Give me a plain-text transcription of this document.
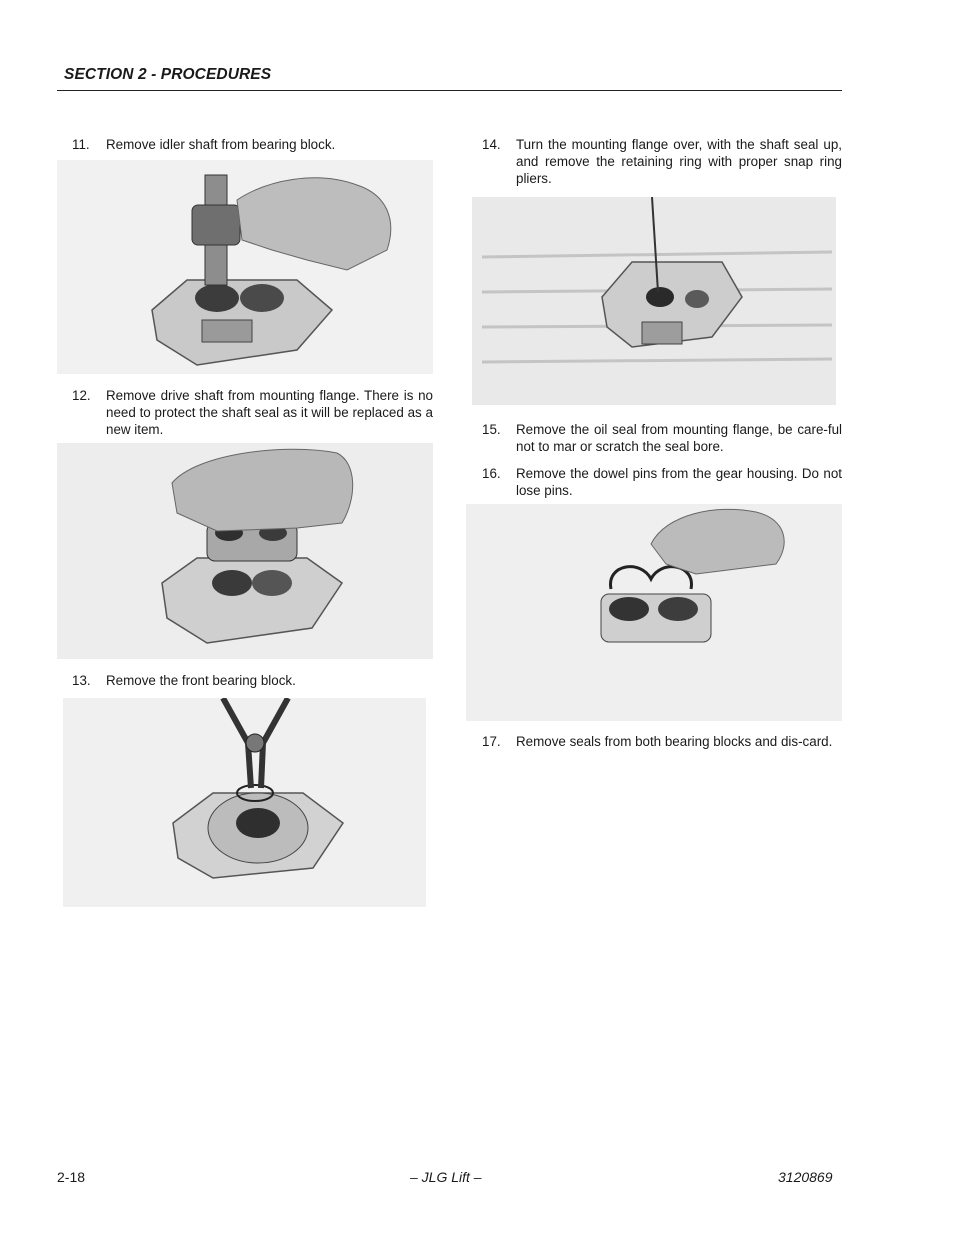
SECTION 2 - PROCEDURES
11. Remove idler shaft from bearing block.
12. Remove drive shaft from mounting flange. There is no need to protect the shaft seal as it will be replaced as a new item.
13. Remove the front bearing block.
14. Turn the mounting flange over, with the shaft seal up, and remove the retaining ring with proper snap ring pliers.
15. Remove the oil seal from mounting flange, be care-ful not to mar or scratch the seal bore.
16. Remove the dowel pins from the gear housing. Do not lose pins.
17. Remove seals from both bearing blocks and dis-card.
2-18	– JLG Lift –	3120869
